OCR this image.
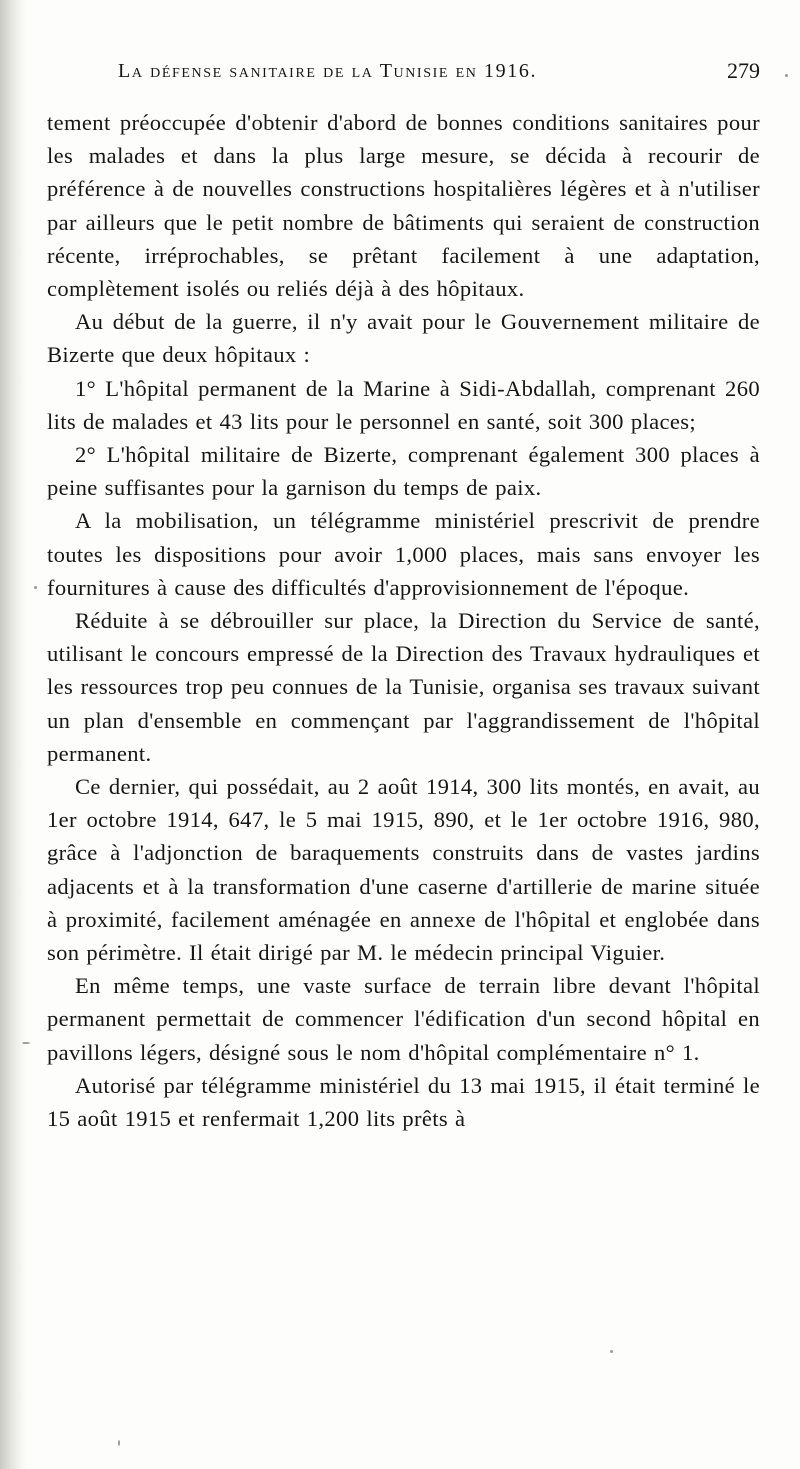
La défense sanitaire de la Tunisie en 1916.	279

tement préoccupée d'obtenir d'abord de bonnes conditions sanitaires pour les malades et dans la plus large mesure, se décida à recourir de préférence à de nouvelles constructions hospitalières légères et à n'utiliser par ailleurs que le petit nombre de bâtiments qui seraient de construction récente, irréprochables, se prêtant facilement à une adaptation, complètement isolés ou reliés déjà à des hôpitaux.

Au début de la guerre, il n'y avait pour le Gouvernement militaire de Bizerte que deux hôpitaux :

1° L'hôpital permanent de la Marine à Sidi-Abdallah, comprenant 260 lits de malades et 43 lits pour le personnel en santé, soit 300 places;

2° L'hôpital militaire de Bizerte, comprenant également 300 places à peine suffisantes pour la garnison du temps de paix.

A la mobilisation, un télégramme ministériel prescrivit de prendre toutes les dispositions pour avoir 1,000 places, mais sans envoyer les fournitures à cause des difficultés d'approvisionnement de l'époque.

Réduite à se débrouiller sur place, la Direction du Service de santé, utilisant le concours empressé de la Direction des Travaux hydrauliques et les ressources trop peu connues de la Tunisie, organisa ses travaux suivant un plan d'ensemble en commençant par l'aggrandissement de l'hôpital permanent.

Ce dernier, qui possédait, au 2 août 1914, 300 lits montés, en avait, au 1er octobre 1914, 647, le 5 mai 1915, 890, et le 1er octobre 1916, 980, grâce à l'adjonction de baraquements construits dans de vastes jardins adjacents et à la transformation d'une caserne d'artillerie de marine située à proximité, facilement aménagée en annexe de l'hôpital et englobée dans son périmètre. Il était dirigé par M. le médecin principal Viguier.

En même temps, une vaste surface de terrain libre devant l'hôpital permanent permettait de commencer l'édification d'un second hôpital en pavillons légers, désigné sous le nom d'hôpital complémentaire n° 1.

Autorisé par télégramme ministériel du 13 mai 1915, il était terminé le 15 août 1915 et renfermait 1,200 lits prêts à
